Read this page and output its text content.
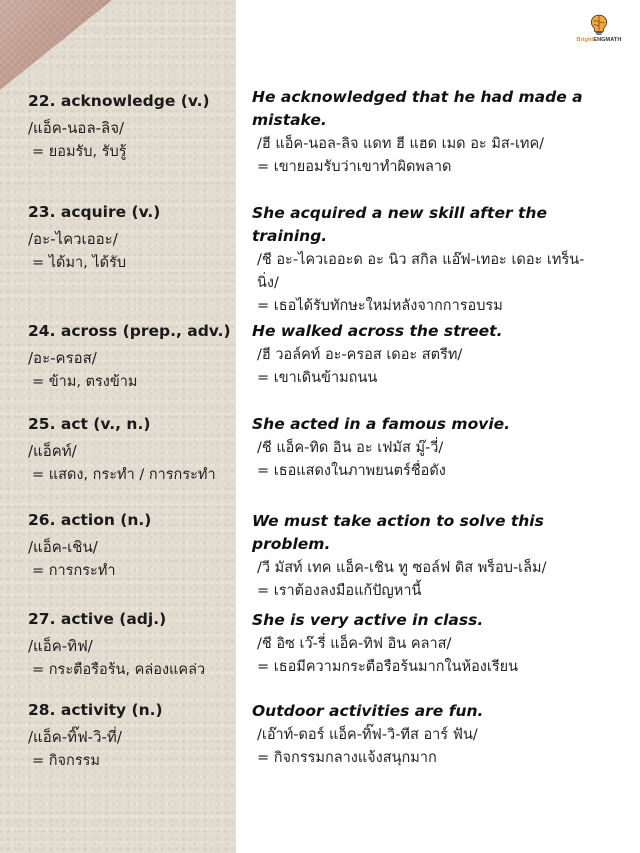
BrightENGMATH
22. acknowledge (v.)
/แอ็ค-นอล-ลิจ/
= ยอมรับ, รับรู้

He acknowledged that he had made a mistake.

/ฮี แอ็ค-นอล-ลิจ แดท ฮี แฮด เมด อะ มิส-เทค/

= เขายอมรับว่าเขาทำผิดพลาด

23. acquire (v.)
/อะ-ไควเออะ/
= ได้มา, ได้รับ

She acquired a new skill after the training.

/ชี อะ-ไควเออะด อะ นิว สกิล แอ๊ฟ-เทอะ เดอะ เทร็น-นิ่ง/

= เธอได้รับทักษะใหม่หลังจากการอบรม

24. across (prep., adv.)
/อะ-ครอส/
= ข้าม, ตรงข้าม

He walked across the street.

/ฮี วอล์คท์ อะ-ครอส เดอะ สตรีท/

= เขาเดินข้ามถนน

25. act (v., n.)
/แอ็คท์/
= แสดง, กระทำ / การกระทำ

She acted in a famous movie.

/ชี แอ็ค-ทิด อิน อะ เฟมัส มู๊-วี่/

= เธอแสดงในภาพยนตร์ชื่อดัง

26. action (n.)
/แอ็ค-เชิน/
= การกระทำ

We must take action to solve this problem.

/วี มัสท์ เทค แอ็ค-เชิน ทู ซอล์ฟ ดิส พร็อบ-เล็ม/

= เราต้องลงมือแก้ปัญหานี้

27. active (adj.)
/แอ็ค-ทิฟ/
= กระตือรือร้น, คล่องแคล่ว

She is very active in class.

/ชี อิซ เว๊-รี่ แอ็ค-ทิฟ อิน คลาส/

= เธอมีความกระตือรือร้นมากในห้องเรียน

28. activity (n.)
/แอ็ค-ทิ๊ฟ-วิ-ที่/
= กิจกรรม

Outdoor activities are fun.

/เอ๊าท์-ดอร์ แอ็ค-ทิ๊ฟ-วิ-ทีส อาร์ ฟัน/

= กิจกรรมกลางแจ้งสนุกมาก
